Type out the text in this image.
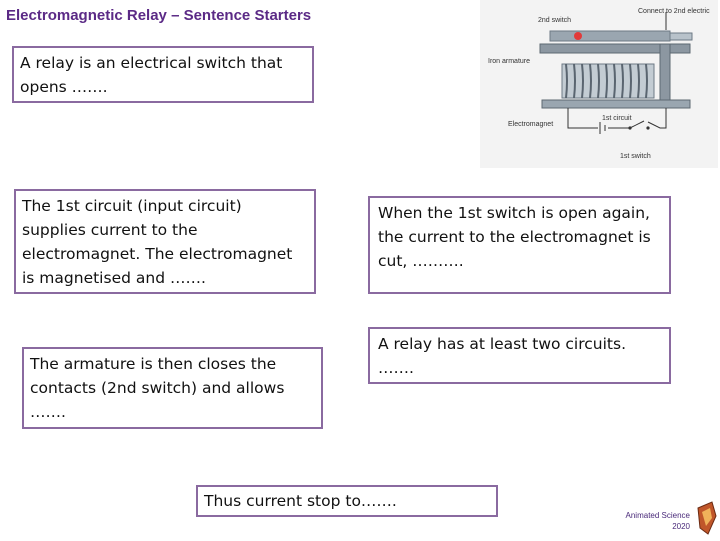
Electromagnetic Relay – Sentence Starters
A relay is an electrical switch that opens …….
The 1st circuit (input circuit) supplies current to the electromagnet. The electromagnet is magnetised and …….
When the 1st switch is open again, the current to the electromagnet is cut, ……….
The armature is then closes the contacts (2nd switch) and allows …….
A relay has at least two circuits. …….
Thus current stop to…….
2nd switch
Connect to 2nd electric
Iron armature
Electromagnet
1st circuit
1st switch
Animated Science
2020
